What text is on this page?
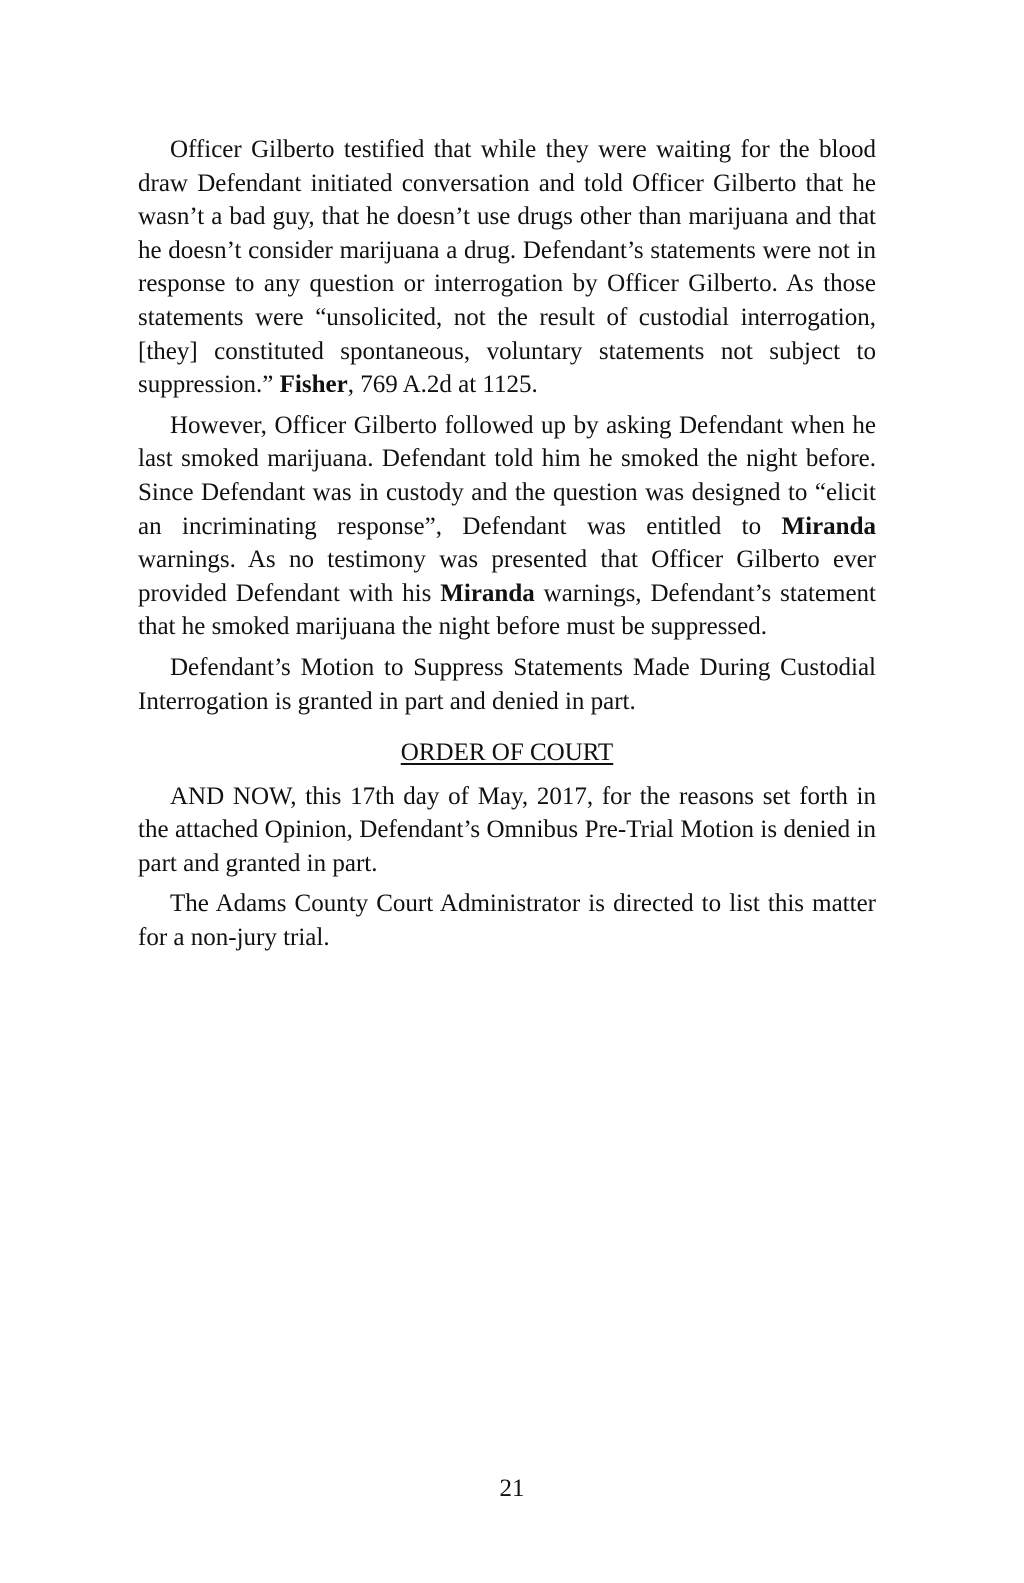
Officer Gilberto testified that while they were waiting for the blood draw Defendant initiated conversation and told Officer Gilberto that he wasn’t a bad guy, that he doesn’t use drugs other than marijuana and that he doesn’t consider marijuana a drug. Defendant’s statements were not in response to any question or interrogation by Officer Gilberto. As those statements were “unsolicited, not the result of custodial interrogation, [they] constituted spontaneous, voluntary statements not subject to suppression.” Fisher, 769 A.2d at 1125.

However, Officer Gilberto followed up by asking Defendant when he last smoked marijuana. Defendant told him he smoked the night before. Since Defendant was in custody and the question was designed to “elicit an incriminating response”, Defendant was entitled to Miranda warnings. As no testimony was presented that Officer Gilberto ever provided Defendant with his Miranda warnings, Defendant’s statement that he smoked marijuana the night before must be suppressed.

Defendant’s Motion to Suppress Statements Made During Custodial Interrogation is granted in part and denied in part.

ORDER OF COURT

AND NOW, this 17th day of May, 2017, for the reasons set forth in the attached Opinion, Defendant’s Omnibus Pre-Trial Motion is denied in part and granted in part.

The Adams County Court Administrator is directed to list this matter for a non-jury trial.

21
